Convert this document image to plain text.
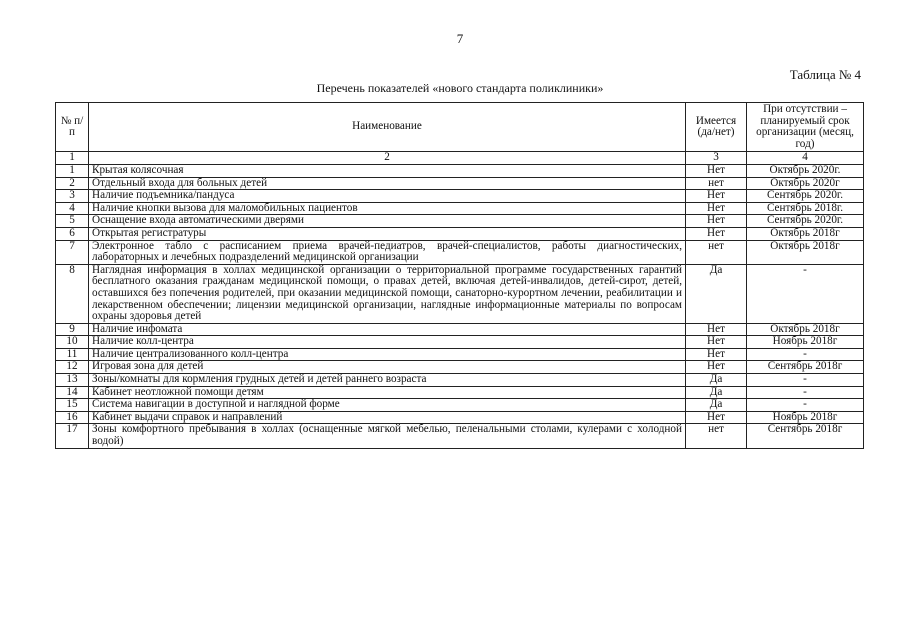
7
Таблица № 4
Перечень показателей «нового стандарта поликлиники»
№ п/п	Наименование	Имеется (да/нет)	При отсутствии – планируемый срок организации (месяц, год)
1	2	3	4
1	Крытая колясочная	Нет	Октябрь 2020г.
2	Отдельный входа для больных детей	нет	Октябрь 2020г
3	Наличие подъемника/пандуса	Нет	Сентябрь 2020г.
4	Наличие кнопки вызова для маломобильных пациентов	Нет	Сентябрь 2018г.
5	Оснащение входа автоматическими дверями	Нет	Сентябрь 2020г.
6	Открытая регистратуры	Нет	Октябрь 2018г
7	Электронное табло с расписанием приема врачей-педиатров, врачей-специалистов, работы диагностических, лабораторных и лечебных подразделений медицинской организации	нет	Октябрь 2018г
8	Наглядная информация в холлах медицинской организации о территориальной программе государственных гарантий бесплатного оказания гражданам медицинской помощи, о правах детей, включая детей-инвалидов, детей-сирот, детей, оставшихся без попечения родителей, при оказании медицинской помощи, санаторно-курортном лечении, реабилитации и лекарственном обеспечении; лицензии медицинской организации, наглядные информационные материалы по вопросам охраны здоровья детей	Да	-
9	Наличие инфомата	Нет	Октябрь 2018г
10	Наличие колл-центра	Нет	Ноябрь 2018г
11	Наличие централизованного колл-центра	Нет	-
12	Игровая зона для детей	Нет	Сентябрь 2018г
13	Зоны/комнаты для кормления грудных детей и детей раннего возраста	Да	-
14	Кабинет неотложной помощи детям	Да	-
15	Система навигации в доступной и наглядной форме	Да	-
16	Кабинет выдачи справок и направлений	Нет	Ноябрь 2018г
17	Зоны комфортного пребывания в холлах (оснащенные мягкой мебелью, пеленальными столами, кулерами с холодной водой)	нет	Сентябрь 2018г
